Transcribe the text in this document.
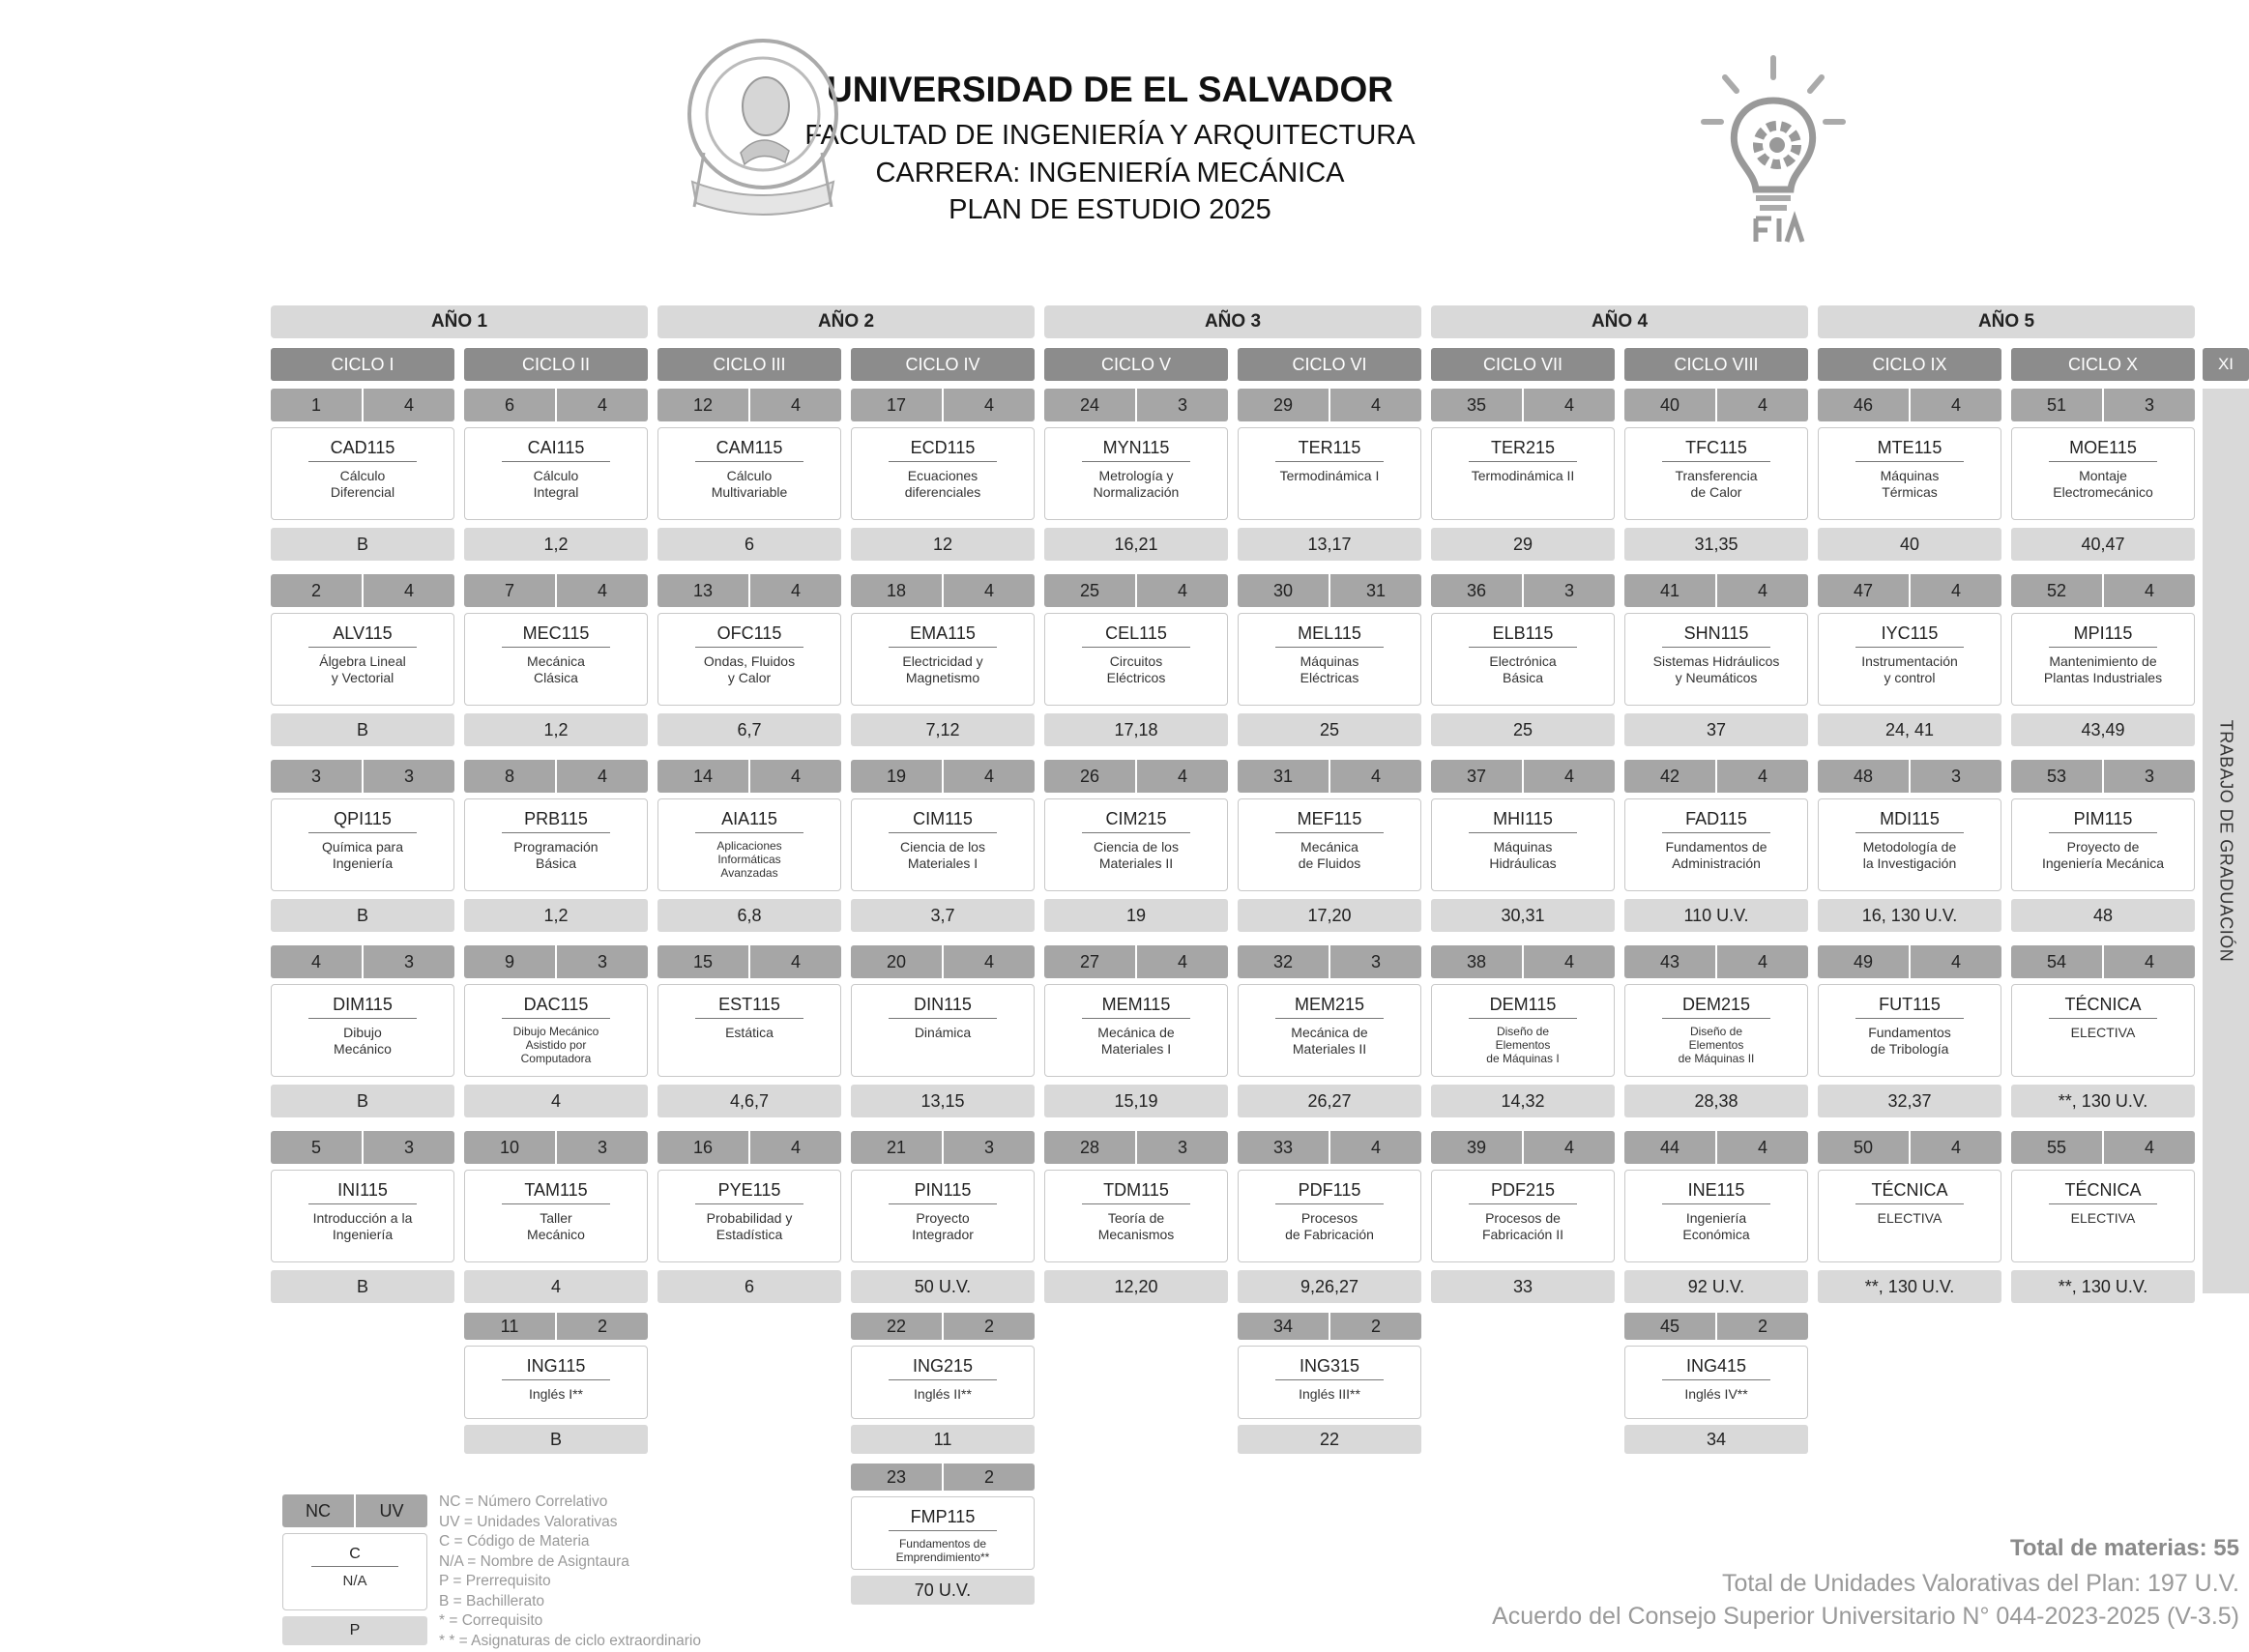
UNIVERSIDAD DE EL SALVADOR
FACULTAD DE INGENIERÍA Y ARQUITECTURA
CARRERA: INGENIERÍA MECÁNICA
PLAN DE ESTUDIO 2025
AÑO 1	AÑO 2	AÑO 3	AÑO 4	AÑO 5
CICLO I	CICLO II	CICLO III	CICLO IV	CICLO V	CICLO VI	CICLO VII	CICLO VIII	CICLO IX	CICLO X
1	4
CAD115
Cálculo
Diferencial
B
2	4
ALV115
Álgebra Lineal
y Vectorial
B
3	3
QPI115
Química para
Ingeniería
B
4	3
DIM115
Dibujo
Mecánico
B
5	3
INI115
Introducción a la
Ingeniería
B
6	4
CAI115
Cálculo
Integral
1,2
7	4
MEC115
Mecánica
Clásica
1,2
8	4
PRB115
Programación
Básica
1,2
9	3
DAC115
Dibujo Mecánico
Asistido por
Computadora
4
10	3
TAM115
Taller
Mecánico
4
12	4
CAM115
Cálculo
Multivariable
6
13	4
OFC115
Ondas, Fluidos
y Calor
6,7
14	4
AIA115
Aplicaciones
Informáticas
Avanzadas
6,8
15	4
EST115
Estática
4,6,7
16	4
PYE115
Probabilidad y
Estadística
6
17	4
ECD115
Ecuaciones
diferenciales
12
18	4
EMA115
Electricidad y
Magnetismo
7,12
19	4
CIM115
Ciencia de los
Materiales I
3,7
20	4
DIN115
Dinámica
13,15
21	3
PIN115
Proyecto
Integrador
50 U.V.
24	3
MYN115
Metrología y
Normalización
16,21
25	4
CEL115
Circuitos
Eléctricos
17,18
26	4
CIM215
Ciencia de los
Materiales II
19
27	4
MEM115
Mecánica de
Materiales I
15,19
28	3
TDM115
Teoría de
Mecanismos
12,20
29	4
TER115
Termodinámica I
13,17
30	31
MEL115
Máquinas
Eléctricas
25
31	4
MEF115
Mecánica
de Fluidos
17,20
32	3
MEM215
Mecánica de
Materiales II
26,27
33	4
PDF115
Procesos
de Fabricación
9,26,27
35	4
TER215
Termodinámica II
29
36	3
ELB115
Electrónica
Básica
25
37	4
MHI115
Máquinas
Hidráulicas
30,31
38	4
DEM115
Diseño de
Elementos
de Máquinas I
14,32
39	4
PDF215
Procesos de
Fabricación II
33
40	4
TFC115
Transferencia
de Calor
31,35
41	4
SHN115
Sistemas Hidráulicos
y Neumáticos
37
42	4
FAD115
Fundamentos de
Administración
110 U.V.
43	4
DEM215
Diseño de
Elementos
de Máquinas II
28,38
44	4
INE115
Ingeniería
Económica
92 U.V.
46	4
MTE115
Máquinas
Térmicas
40
47	4
IYC115
Instrumentación
y control
24, 41
48	3
MDI115
Metodología de
la Investigación
16, 130 U.V.
49	4
FUT115
Fundamentos
de Tribología
32,37
50	4
TÉCNICA
ELECTIVA
**, 130 U.V.
51	3
MOE115
Montaje
Electromecánico
40,47
52	4
MPI115
Mantenimiento de
Plantas Industriales
43,49
53	3
PIM115
Proyecto de
Ingeniería Mecánica
48
54	4
TÉCNICA
ELECTIVA
**, 130 U.V.
55	4
TÉCNICA
ELECTIVA
**, 130 U.V.
11	2
ING115
Inglés I**
B
22	2
ING215
Inglés II**
11
23	2
FMP115
Fundamentos de
Emprendimiento**
70 U.V.
34	2
ING315
Inglés III**
22
45	2
ING415
Inglés IV**
34
XI
TRABAJO DE GRADUACIÓN
NC	UV
C
N/A
P
NC = Número Correlativo
UV = Unidades Valorativas
C = Código de Materia
N/A = Nombre de Asigntaura
P = Prerrequisito
B = Bachillerato
* = Correquisito
* * = Asignaturas de ciclo extraordinario
Total de materias: 55
Total de Unidades Valorativas del Plan: 197 U.V.
Acuerdo del Consejo Superior Universitario N° 044-2023-2025 (V-3.5)
